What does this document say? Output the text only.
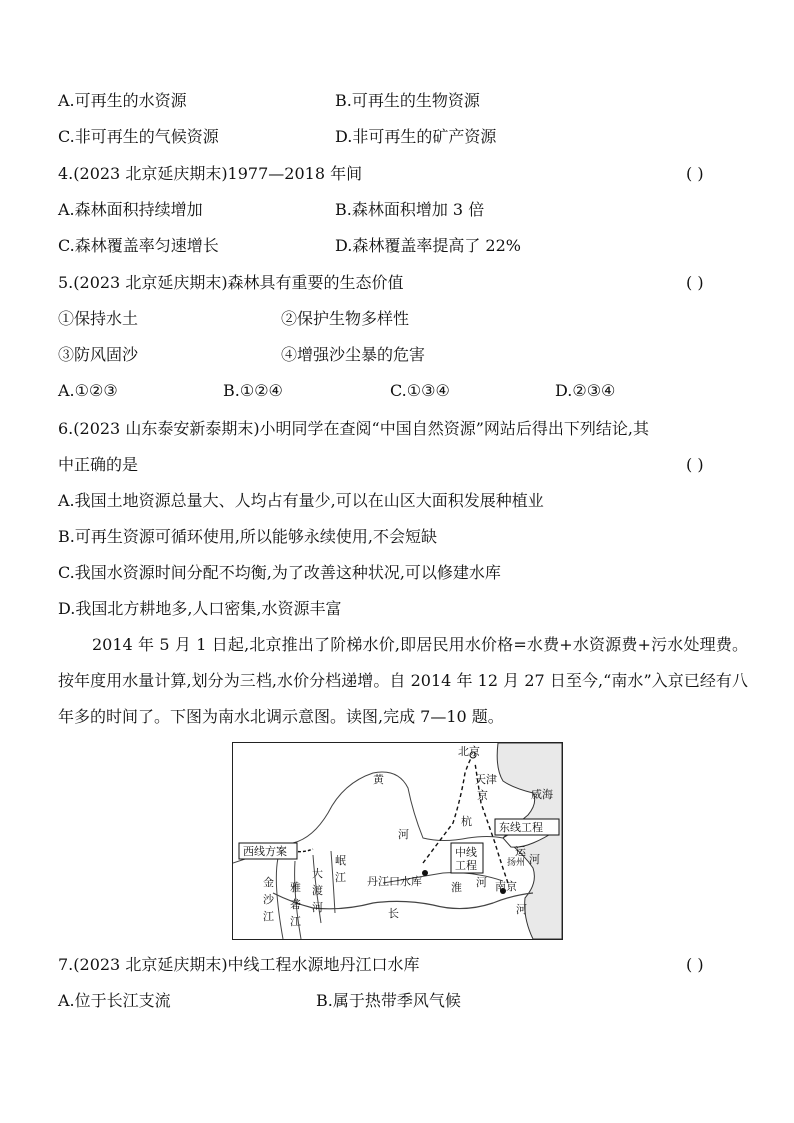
A.可再生的水资源	B.可再生的生物资源
C.非可再生的气候资源	D.非可再生的矿产资源
4.(2023 北京延庆期末)1977—2018 年间	( )
A.森林面积持续增加	B.森林面积增加 3 倍
C.森林覆盖率匀速增长	D.森林覆盖率提高了 22%
5.(2023 北京延庆期末)森林具有重要的生态价值	( )
①保持水土	②保护生物多样性
③防风固沙	④增强沙尘暴的危害
A.①②③	B.①②④	C.①③④	D.②③④
6.(2023 山东泰安新泰期末)小明同学在查阅“中国自然资源”网站后得出下列结论,其
中正确的是	( )
A.我国土地资源总量大、人均占有量少,可以在山区大面积发展种植业
B.可再生资源可循环使用,所以能够永续使用,不会短缺
C.我国水资源时间分配不均衡,为了改善这种状况,可以修建水库
D.我国北方耕地多,人口密集,水资源丰富
2014 年 5 月 1 日起,北京推出了阶梯水价,即居民用水价格=水费+水资源费+污水处理费。按年度用水量计算,划分为三档,水价分档递增。自 2014 年 12 月 27 日至今,“南水”入京已经有八年多的时间了。下图为南水北调示意图。读图,完成 7—10 题。
北京
天津
京
杭
运
河
威海
东线工程
中线
工程
西线方案
黄
河
丹江口水库	淮 河
长
南京
扬州
金
沙
江
雅
砻
江
大
渡
河
岷
江
河
7.(2023 北京延庆期末)中线工程水源地丹江口水库	( )
A.位于长江支流	B.属于热带季风气候
